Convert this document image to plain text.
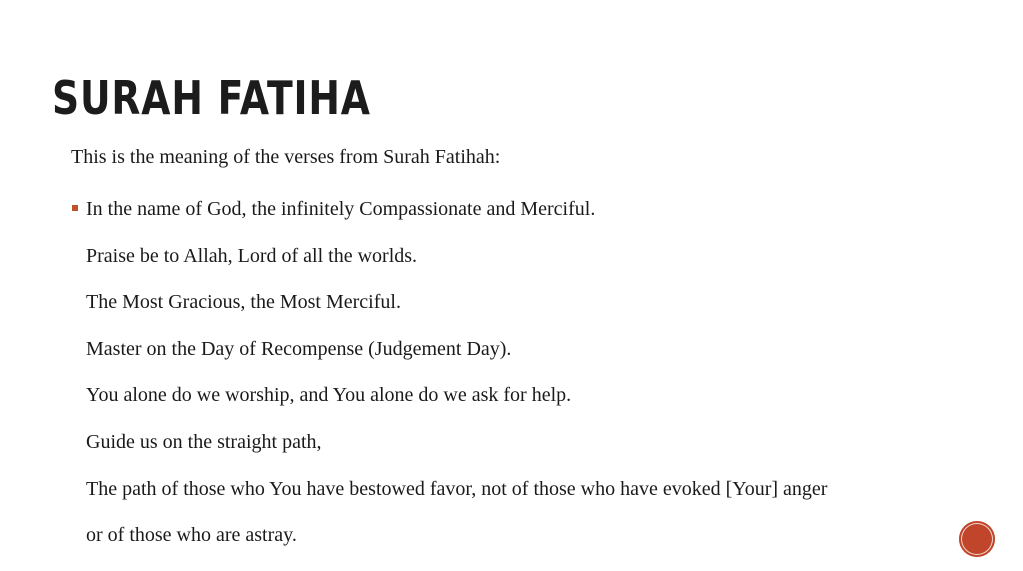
SURAH FATIHA
This is the meaning of the verses from Surah Fatihah:
In the name of God, the infinitely Compassionate and Merciful.
Praise be to Allah, Lord of all the worlds.
The Most Gracious, the Most Merciful.
Master on the Day of Recompense (Judgement Day).
You alone do we worship, and You alone do we ask for help.
Guide us on the straight path,
The path of those who You have bestowed favor, not of those who have evoked [Your] anger
or of those who are astray.
